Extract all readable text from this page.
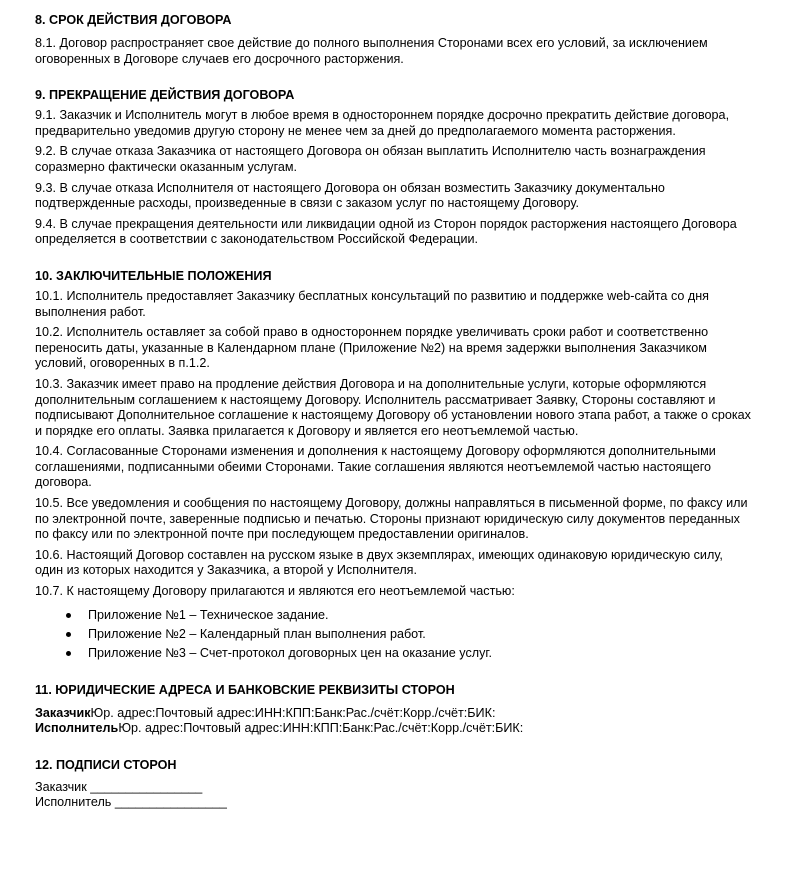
8. СРОК ДЕЙСТВИЯ ДОГОВОРА

8.1. Договор распространяет свое действие до полного выполнения Сторонами всех его условий, за исключением оговоренных в Договоре случаев его досрочного расторжения.

9. ПРЕКРАЩЕНИЕ ДЕЙСТВИЯ ДОГОВОРА

9.1. Заказчик и Исполнитель могут в любое время в одностороннем порядке досрочно прекратить действие договора, предварительно уведомив другую сторону не менее чем за дней до предполагаемого момента расторжения.

9.2. В случае отказа Заказчика от настоящего Договора он обязан выплатить Исполнителю часть вознаграждения соразмерно фактически оказанным услугам.

9.3. В случае отказа Исполнителя от настоящего Договора он обязан возместить Заказчику документально подтвержденные расходы, произведенные в связи с заказом услуг по настоящему Договору.

9.4. В случае прекращения деятельности или ликвидации одной из Сторон порядок расторжения настоящего Договора определяется в соответствии с законодательством Российской Федерации.

10. ЗАКЛЮЧИТЕЛЬНЫЕ ПОЛОЖЕНИЯ

10.1. Исполнитель предоставляет Заказчику бесплатных консультаций по развитию и поддержке web-сайта со дня выполнения работ.

10.2. Исполнитель оставляет за собой право в одностороннем порядке увеличивать сроки работ и соответственно переносить даты, указанные в Календарном плане (Приложение №2) на время задержки выполнения Заказчиком условий, оговоренных в п.1.2.

10.3. Заказчик имеет право на продление действия Договора и на дополнительные услуги, которые оформляются дополнительным соглашением к настоящему Договору. Исполнитель рассматривает Заявку, Стороны составляют и подписывают Дополнительное соглашение к настоящему Договору об установлении нового этапа работ, а также о сроках и порядке его оплаты. Заявка прилагается к Договору и является его неотъемлемой частью.

10.4. Согласованные Сторонами изменения и дополнения к настоящему Договору оформляются дополнительными соглашениями, подписанными обеими Сторонами. Такие соглашения являются неотъемлемой частью настоящего договора.

10.5. Все уведомления и сообщения по настоящему Договору, должны направляться в письменной форме, по факсу или по электронной почте, заверенные подписью и печатью. Стороны признают юридическую силу документов переданных по факсу или по электронной почте при последующем предоставлении оригиналов.

10.6. Настоящий Договор составлен на русском языке в двух экземплярах, имеющих одинаковую юридическую силу, один из которых находится у Заказчика, а второй у Исполнителя.

10.7. К настоящему Договору прилагаются и являются его неотъемлемой частью:

Приложение №1 – Техническое задание.
Приложение №2 – Календарный план выполнения работ.
Приложение №3 – Счет-протокол договорных цен на оказание услуг.

11. ЮРИДИЧЕСКИЕ АДРЕСА И БАНКОВСКИЕ РЕКВИЗИТЫ СТОРОН

ЗаказчикЮр. адрес:Почтовый адрес:ИНН:КПП:Банк:Рас./счёт:Корр./счёт:БИК:

ИсполнительЮр. адрес:Почтовый адрес:ИНН:КПП:Банк:Рас./счёт:Корр./счёт:БИК:

12. ПОДПИСИ СТОРОН

Заказчик ________________

Исполнитель ________________
